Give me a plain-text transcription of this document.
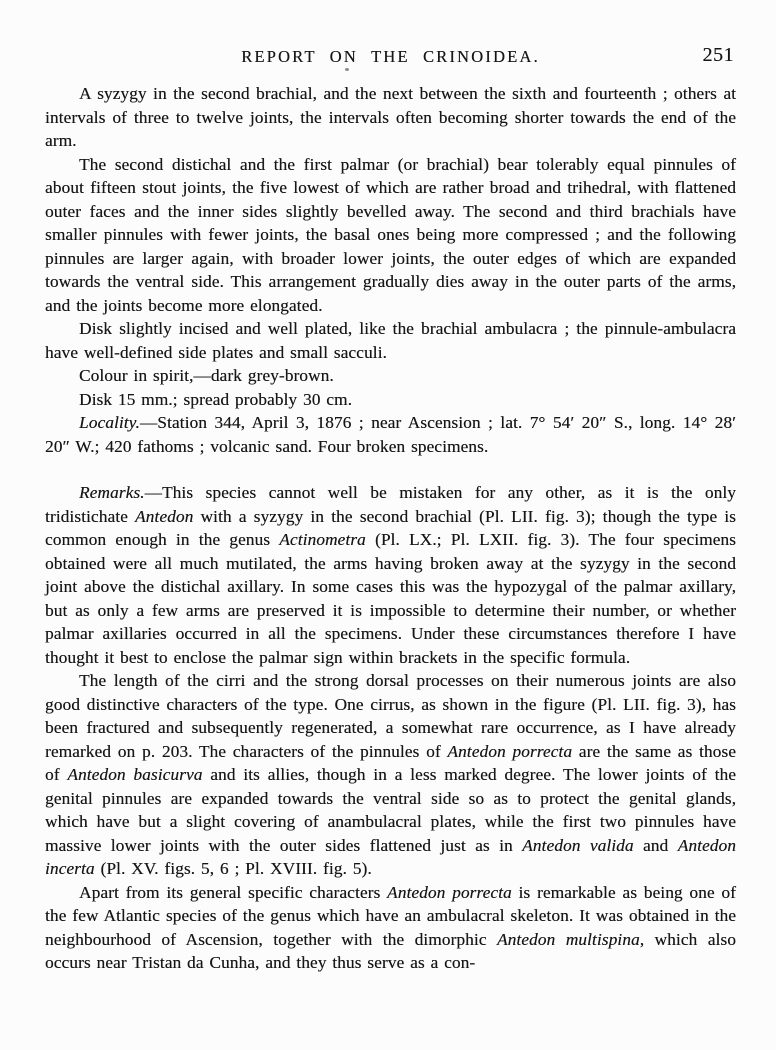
REPORT ON THE CRINOIDEA.	251

A syzygy in the second brachial, and the next between the sixth and fourteenth ; others at intervals of three to twelve joints, the intervals often becoming shorter towards the end of the arm.

The second distichal and the first palmar (or brachial) bear tolerably equal pinnules of about fifteen stout joints, the five lowest of which are rather broad and trihedral, with flattened outer faces and the inner sides slightly bevelled away. The second and third brachials have smaller pinnules with fewer joints, the basal ones being more compressed ; and the following pinnules are larger again, with broader lower joints, the outer edges of which are expanded towards the ventral side. This arrangement gradually dies away in the outer parts of the arms, and the joints become more elongated.

Disk slightly incised and well plated, like the brachial ambulacra ; the pinnule-ambulacra have well-defined side plates and small sacculi.

Colour in spirit,—dark grey-brown.

Disk 15 mm.; spread probably 30 cm.

Locality.—Station 344, April 3, 1876 ; near Ascension ; lat. 7° 54′ 20″ S., long. 14° 28′ 20″ W.; 420 fathoms ; volcanic sand. Four broken specimens.

Remarks.—This species cannot well be mistaken for any other, as it is the only tridistichate Antedon with a syzygy in the second brachial (Pl. LII. fig. 3); though the type is common enough in the genus Actinometra (Pl. LX.; Pl. LXII. fig. 3). The four specimens obtained were all much mutilated, the arms having broken away at the syzygy in the second joint above the distichal axillary. In some cases this was the hypozygal of the palmar axillary, but as only a few arms are preserved it is impossible to determine their number, or whether palmar axillaries occurred in all the specimens. Under these circumstances therefore I have thought it best to enclose the palmar sign within brackets in the specific formula.

The length of the cirri and the strong dorsal processes on their numerous joints are also good distinctive characters of the type. One cirrus, as shown in the figure (Pl. LII. fig. 3), has been fractured and subsequently regenerated, a somewhat rare occurrence, as I have already remarked on p. 203. The characters of the pinnules of Antedon porrecta are the same as those of Antedon basicurva and its allies, though in a less marked degree. The lower joints of the genital pinnules are expanded towards the ventral side so as to protect the genital glands, which have but a slight covering of anambulacral plates, while the first two pinnules have massive lower joints with the outer sides flattened just as in Antedon valida and Antedon incerta (Pl. XV. figs. 5, 6 ; Pl. XVIII. fig. 5).

Apart from its general specific characters Antedon porrecta is remarkable as being one of the few Atlantic species of the genus which have an ambulacral skeleton. It was obtained in the neighbourhood of Ascension, together with the dimorphic Antedon multispina, which also occurs near Tristan da Cunha, and they thus serve as a con-
